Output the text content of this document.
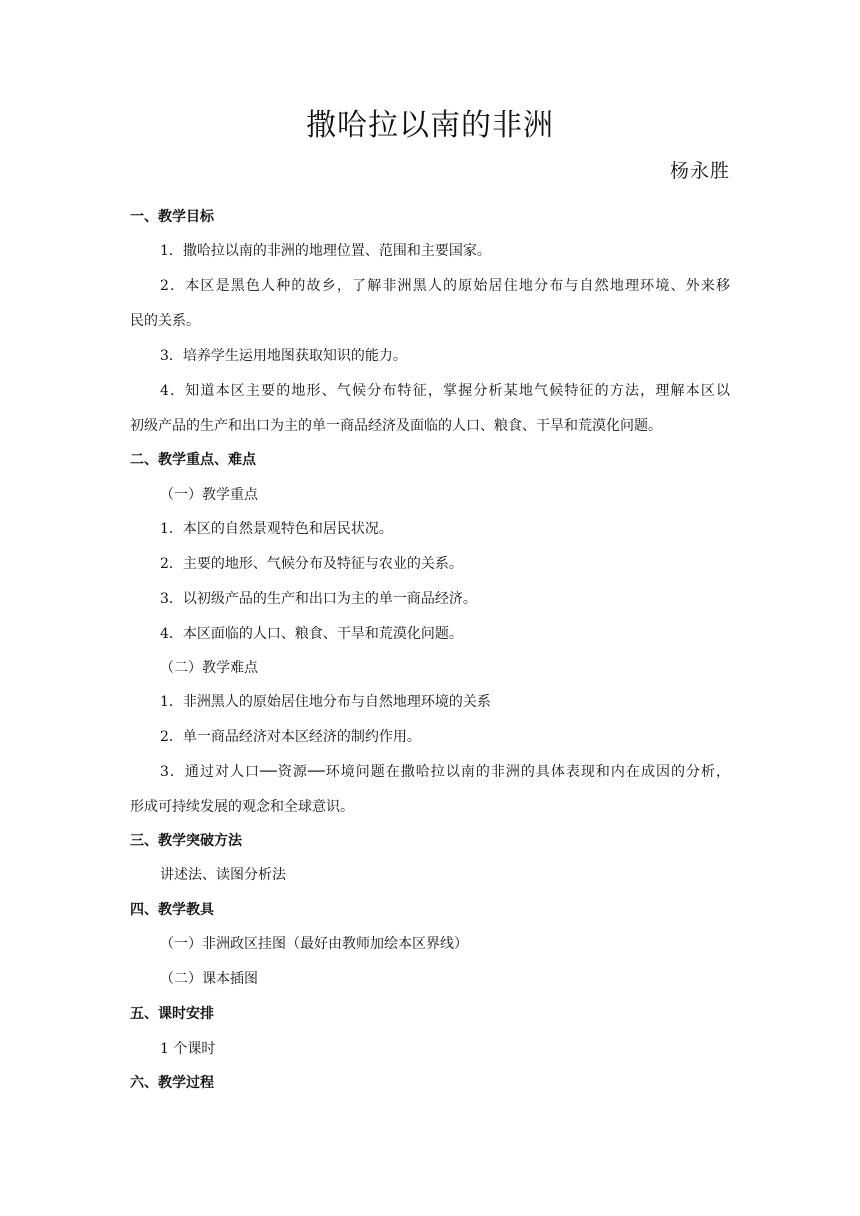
撒哈拉以南的非洲
杨永胜
一、教学目标
1．撒哈拉以南的非洲的地理位置、范围和主要国家。
2．本区是黑色人种的故乡，了解非洲黑人的原始居住地分布与自然地理环境、外来移
民的关系。
3．培养学生运用地图获取知识的能力。
4．知道本区主要的地形、气候分布特征，掌握分析某地气候特征的方法，理解本区以
初级产品的生产和出口为主的单一商品经济及面临的人口、粮食、干旱和荒漠化问题。
二、教学重点、难点
（一）教学重点
1．本区的自然景观特色和居民状况。
2．主要的地形、气候分布及特征与农业的关系。
3．以初级产品的生产和出口为主的单一商品经济。
4．本区面临的人口、粮食、干旱和荒漠化问题。
（二）教学难点
1．非洲黑人的原始居住地分布与自然地理环境的关系
2．单一商品经济对本区经济的制约作用。
3．通过对人口──资源──环境问题在撒哈拉以南的非洲的具体表现和内在成因的分析，
形成可持续发展的观念和全球意识。
三、教学突破方法
讲述法、读图分析法
四、教学教具
（一）非洲政区挂图（最好由教师加绘本区界线）
（二）课本插图
五、课时安排
1 个课时
六、教学过程
